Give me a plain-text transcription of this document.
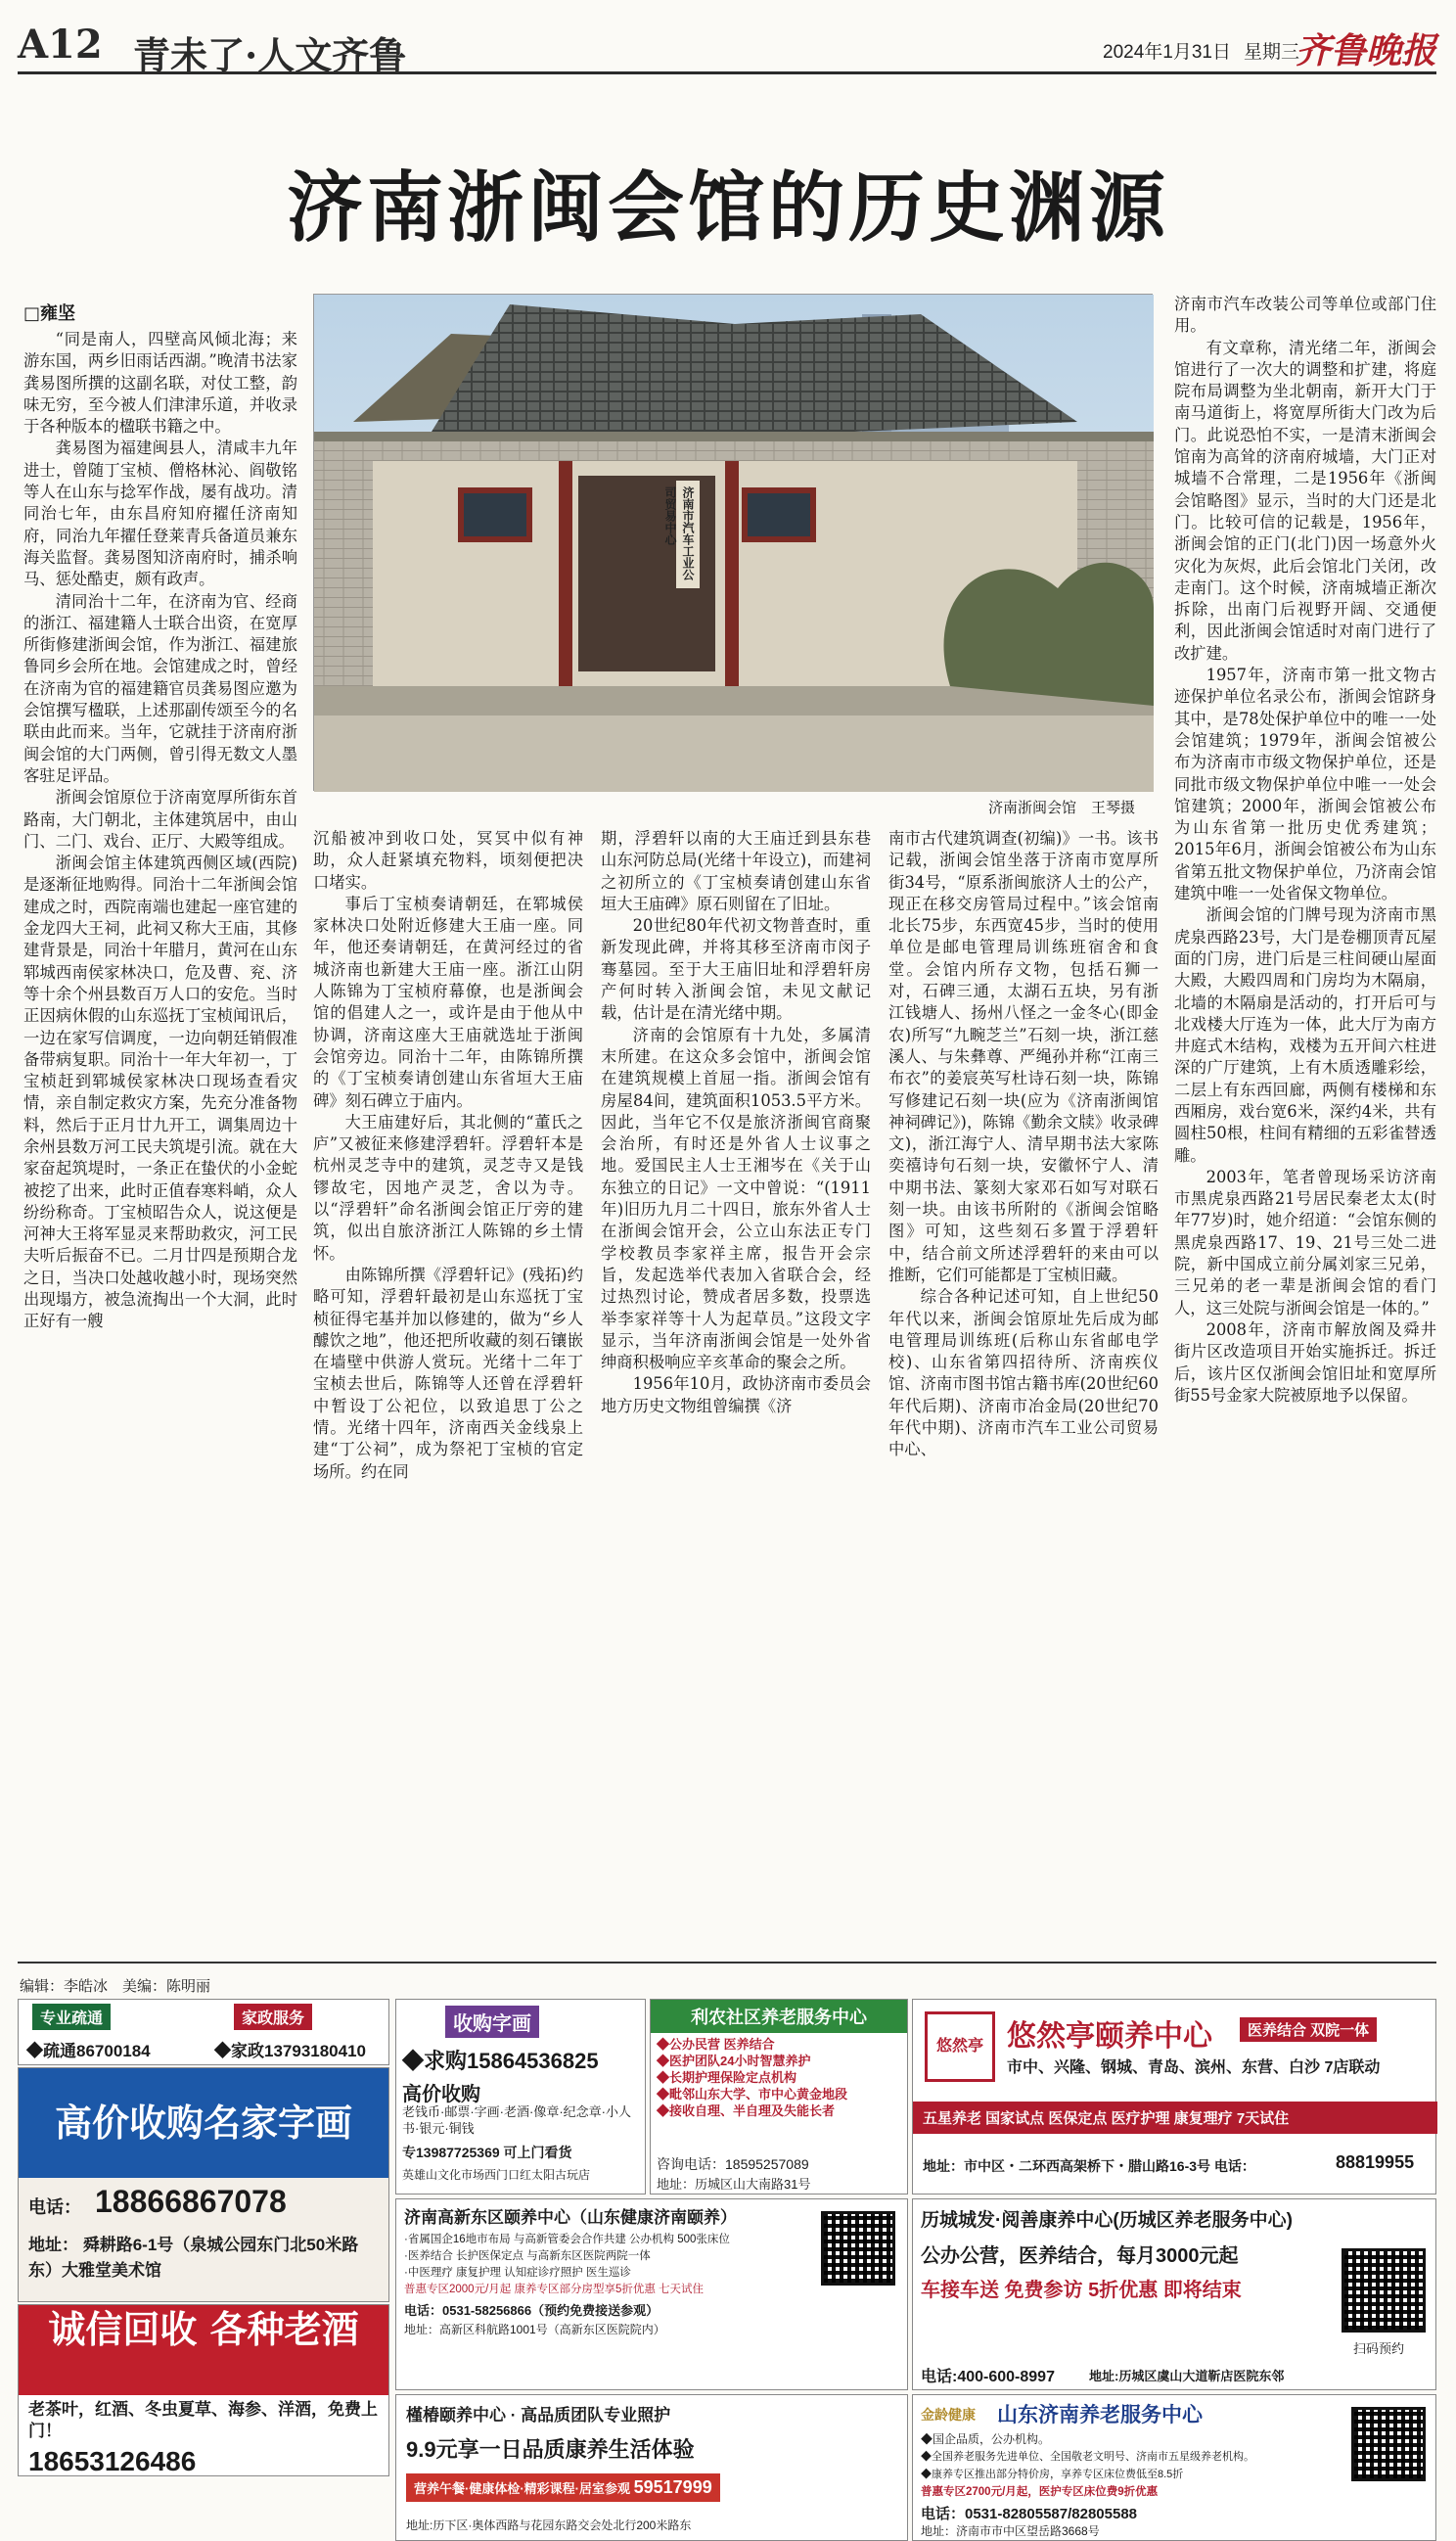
A12 青未了·人文齐鲁	2024年1月31日 星期三
齐鲁晚报
济南浙闽会馆的历史渊源
□雍坚
济南市汽车工业公司贸易中心
济南浙闽会馆　王琴摄

“同是南人，四壁高风倾北海；来游东国，两乡旧雨话西湖。”晚清书法家龚易图所撰的这副名联，对仗工整，韵味无穷，至今被人们津津乐道，并收录于各种版本的楹联书籍之中。

龚易图为福建闽县人，清咸丰九年进士，曾随丁宝桢、僧格林沁、阎敬铭等人在山东与捻军作战，屡有战功。清同治七年，由东昌府知府擢任济南知府，同治九年擢任登莱青兵备道员兼东海关监督。龚易图知济南府时，捕杀响马、惩处酷吏，颇有政声。

清同治十二年，在济南为官、经商的浙江、福建籍人士联合出资，在宽厚所街修建浙闽会馆，作为浙江、福建旅鲁同乡会所在地。会馆建成之时，曾经在济南为官的福建籍官员龚易图应邀为会馆撰写楹联，上述那副传颂至今的名联由此而来。当年，它就挂于济南府浙闽会馆的大门两侧，曾引得无数文人墨客驻足评品。

浙闽会馆原位于济南宽厚所街东首路南，大门朝北，主体建筑居中，由山门、二门、戏台、正厅、大殿等组成。

浙闽会馆主体建筑西侧区域(西院)是逐渐征地购得。同治十二年浙闽会馆建成之时，西院南端也建起一座官建的金龙四大王祠，此祠又称大王庙，其修建背景是，同治十年腊月，黄河在山东郓城西南侯家林决口，危及曹、兖、济等十余个州县数百万人口的安危。当时正因病休假的山东巡抚丁宝桢闻讯后，一边在家写信调度，一边向朝廷销假准备带病复职。同治十一年大年初一，丁宝桢赶到郓城侯家林决口现场查看灾情，亲自制定救灾方案，先充分准备物料，然后于正月廿九开工，调集周边十余州县数万河工民夫筑堤引流。就在大家奋起筑堤时，一条正在蛰伏的小金蛇被挖了出来，此时正值春寒料峭，众人纷纷称奇。丁宝桢昭告众人，说这便是河神大王将军显灵来帮助救灾，河工民夫听后振奋不已。二月廿四是预期合龙之日，当决口处越收越小时，现场突然出现塌方，被急流掏出一个大洞，此时正好有一艘

沉船被冲到收口处，冥冥中似有神助，众人赶紧填充物料，顷刻便把决口堵实。

事后丁宝桢奏请朝廷，在郓城侯家林决口处附近修建大王庙一座。同年，他还奏请朝廷，在黄河经过的省城济南也新建大王庙一座。浙江山阴人陈锦为丁宝桢府幕僚，也是浙闽会馆的倡建人之一，或许是由于他从中协调，济南这座大王庙就选址于浙闽会馆旁边。同治十二年，由陈锦所撰的《丁宝桢奏请创建山东省垣大王庙碑》刻石碑立于庙内。

大王庙建好后，其北侧的“董氏之庐”又被征来修建浮碧轩。浮碧轩本是杭州灵芝寺中的建筑，灵芝寺又是钱镠故宅，因地产灵芝，舍以为寺。以“浮碧轩”命名浙闽会馆正厅旁的建筑，似出自旅济浙江人陈锦的乡土情怀。

由陈锦所撰《浮碧轩记》(残拓)约略可知，浮碧轩最初是山东巡抚丁宝桢征得宅基并加以修建的，做为“乡人醵饮之地”，他还把所收藏的刻石镶嵌在墙壁中供游人赏玩。光绪十二年丁宝桢去世后，陈锦等人还曾在浮碧轩中暂设丁公祀位，以致追思丁公之情。光绪十四年，济南西关金线泉上建“丁公祠”，成为祭祀丁宝桢的官定场所。约在同

期，浮碧轩以南的大王庙迁到县东巷山东河防总局(光绪十年设立)，而建祠之初所立的《丁宝桢奏请创建山东省垣大王庙碑》原石则留在了旧址。

20世纪80年代初文物普查时，重新发现此碑，并将其移至济南市闵子骞墓园。至于大王庙旧址和浮碧轩房产何时转入浙闽会馆，未见文献记载，估计是在清光绪中期。

济南的会馆原有十九处，多属清末所建。在这众多会馆中，浙闽会馆在建筑规模上首屈一指。浙闽会馆有房屋84间，建筑面积1053.5平方米。因此，当年它不仅是旅济浙闽官商聚会治所，有时还是外省人士议事之地。爱国民主人士王湘岑在《关于山东独立的日记》一文中曾说：“(1911年)旧历九月二十四日，旅东外省人士在浙闽会馆开会，公立山东法正专门学校教员李家祥主席，报告开会宗旨，发起选举代表加入省联合会，经过热烈讨论，赞成者居多数，投票选举李家祥等十人为起草员。”这段文字显示，当年济南浙闽会馆是一处外省绅商积极响应辛亥革命的聚会之所。

1956年10月，政协济南市委员会地方历史文物组曾编撰《济

南市古代建筑调查(初编)》一书。该书记载，浙闽会馆坐落于济南市宽厚所街34号，“原系浙闽旅济人士的公产，现正在移交房管局过程中。”该会馆南北长75步，东西宽45步，当时的使用单位是邮电管理局训练班宿舍和食堂。会馆内所存文物，包括石狮一对，石碑三通，太湖石五块，另有浙江钱塘人、扬州八怪之一金冬心(即金农)所写“九畹芝兰”石刻一块，浙江慈溪人、与朱彝尊、严绳孙并称“江南三布衣”的姜宸英写杜诗石刻一块，陈锦写修建记石刻一块(应为《济南浙闽馆神祠碑记》)，陈锦《勤余文牍》收录碑文)，浙江海宁人、清早期书法大家陈奕禧诗句石刻一块，安徽怀宁人、清中期书法、篆刻大家邓石如写对联石刻一块。由该书所附的《浙闽会馆略图》可知，这些刻石多置于浮碧轩中，结合前文所述浮碧轩的来由可以推断，它们可能都是丁宝桢旧藏。

综合各种记述可知，自上世纪50年代以来，浙闽会馆原址先后成为邮电管理局训练班(后称山东省邮电学校)、山东省第四招待所、济南疾仪馆、济南市图书馆古籍书库(20世纪60年代后期)、济南市冶金局(20世纪70年代中期)、济南市汽车工业公司贸易中心、

济南市汽车改装公司等单位或部门住用。

有文章称，清光绪二年，浙闽会馆进行了一次大的调整和扩建，将庭院布局调整为坐北朝南，新开大门于南马道街上，将宽厚所街大门改为后门。此说恐怕不实，一是清末浙闽会馆南为高耸的济南府城墙，大门正对城墙不合常理，二是1956年《浙闽会馆略图》显示，当时的大门还是北门。比较可信的记载是，1956年，浙闽会馆的正门(北门)因一场意外火灾化为灰烬，此后会馆北门关闭，改走南门。这个时候，济南城墙正渐次拆除，出南门后视野开阔、交通便利，因此浙闽会馆适时对南门进行了改扩建。

1957年，济南市第一批文物古迹保护单位名录公布，浙闽会馆跻身其中，是78处保护单位中的唯一一处会馆建筑；1979年，浙闽会馆被公布为济南市市级文物保护单位，还是同批市级文物保护单位中唯一一处会馆建筑；2000年，浙闽会馆被公布为山东省第一批历史优秀建筑；2015年6月，浙闽会馆被公布为山东省第五批文物保护单位，乃济南会馆建筑中唯一一处省保文物单位。

浙闽会馆的门牌号现为济南市黑虎泉西路23号，大门是卷棚顶青瓦屋面的门房，进门后是三柱间硬山屋面大殿，大殿四周和门房均为木隔扇，北墙的木隔扇是活动的，打开后可与北戏楼大厅连为一体，此大厅为南方井庭式木结构，戏楼为五开间六柱进深的广厅建筑，上有木质透雕彩绘，二层上有东西回廊，两侧有楼梯和东西厢房，戏台宽6米，深约4米，共有圆柱50根，柱间有精细的五彩雀替透雕。

2003年，笔者曾现场采访济南市黑虎泉西路21号居民秦老太太(时年77岁)时，她介绍道：“会馆东侧的黑虎泉西路17、19、21号三处二进院，新中国成立前分属刘家三兄弟，三兄弟的老一辈是浙闽会馆的看门人，这三处院与浙闽会馆是一体的。”

2008年，济南市解放阁及舜井街片区改造项目开始实施拆迁。拆迁后，该片区仅浙闽会馆旧址和宽厚所街55号金家大院被原地予以保留。

编辑：李皓冰　美编：陈明丽
专业疏通	家政服务
◆疏通86700184	◆家政13793180410
高价收购名家字画
电话： 18866867078
地址： 舜耕路6-1号（泉城公园东门北50米路东）大雅堂美术馆
诚信回收 各种老酒
老茶叶，红酒、冬虫夏草、海参、洋酒，免费上门！
18653126486
收购字画
◆求购15864536825
高价收购
老钱币·邮票·字画·老酒·像章·纪念章·小人书·银元·铜钱
专13987725369 可上门看货
英雄山文化市场西门口红太阳古玩店
利农社区养老服务中心
◆公办民营 医养结合
◆医护团队24小时智慧养护
◆长期护理保险定点机构
◆毗邻山东大学、市中心黄金地段
◆接收自理、半自理及失能长者
咨询电话：18595257089
地址：历城区山大南路31号
悠然亭 悠然亭颐养中心	医养结合 双院一体
市中、兴隆、钢城、青岛、滨州、东营、白沙 7店联动
五星养老 国家试点 医保定点 医疗护理 康复理疗 7天试住
地址：市中区・二环西高架桥下・腊山路16-3号 电话：	88819955
济南高新东区颐养中心（山东健康济南颐养）
·省属国企16地市布局 与高新管委会合作共建 公办机构 500张床位
·医养结合 长护医保定点 与高新东区医院两院一体
·中医理疗 康复护理 认知症诊疗照护 医生巡诊
普惠专区2000元/月起 康养专区部分房型享5折优惠 七天试住
电话：0531-58256866（预约免费接送参观）
地址：高新区科航路1001号（高新东区医院院内）
历城城发·阅善康养中心(历城区养老服务中心)
公办公营，医养结合，每月3000元起
车接车送 免费参访 5折优惠 即将结束
电话:400-600-8997	地址:历城区虞山大道靳店医院东邻
扫码预约
槿椿颐养中心 · 高品质团队专业照护
9.9元享一日品质康养生活体验
营养午餐·健康体检·精彩课程·居室参观 59517999
地址:历下区·奥体西路与花园东路交会处北行200米路东
金龄健康 山东济南养老服务中心
◆国企品质，公办机构。
◆全国养老服务先进单位、全国敬老文明号、济南市五星级养老机构。
◆康养专区推出部分特价房，享养专区床位费低至8.5折
普惠专区2700元/月起，医护专区床位费9折优惠
电话：0531-82805587/82805588
地址：济南市市中区望岳路3668号
